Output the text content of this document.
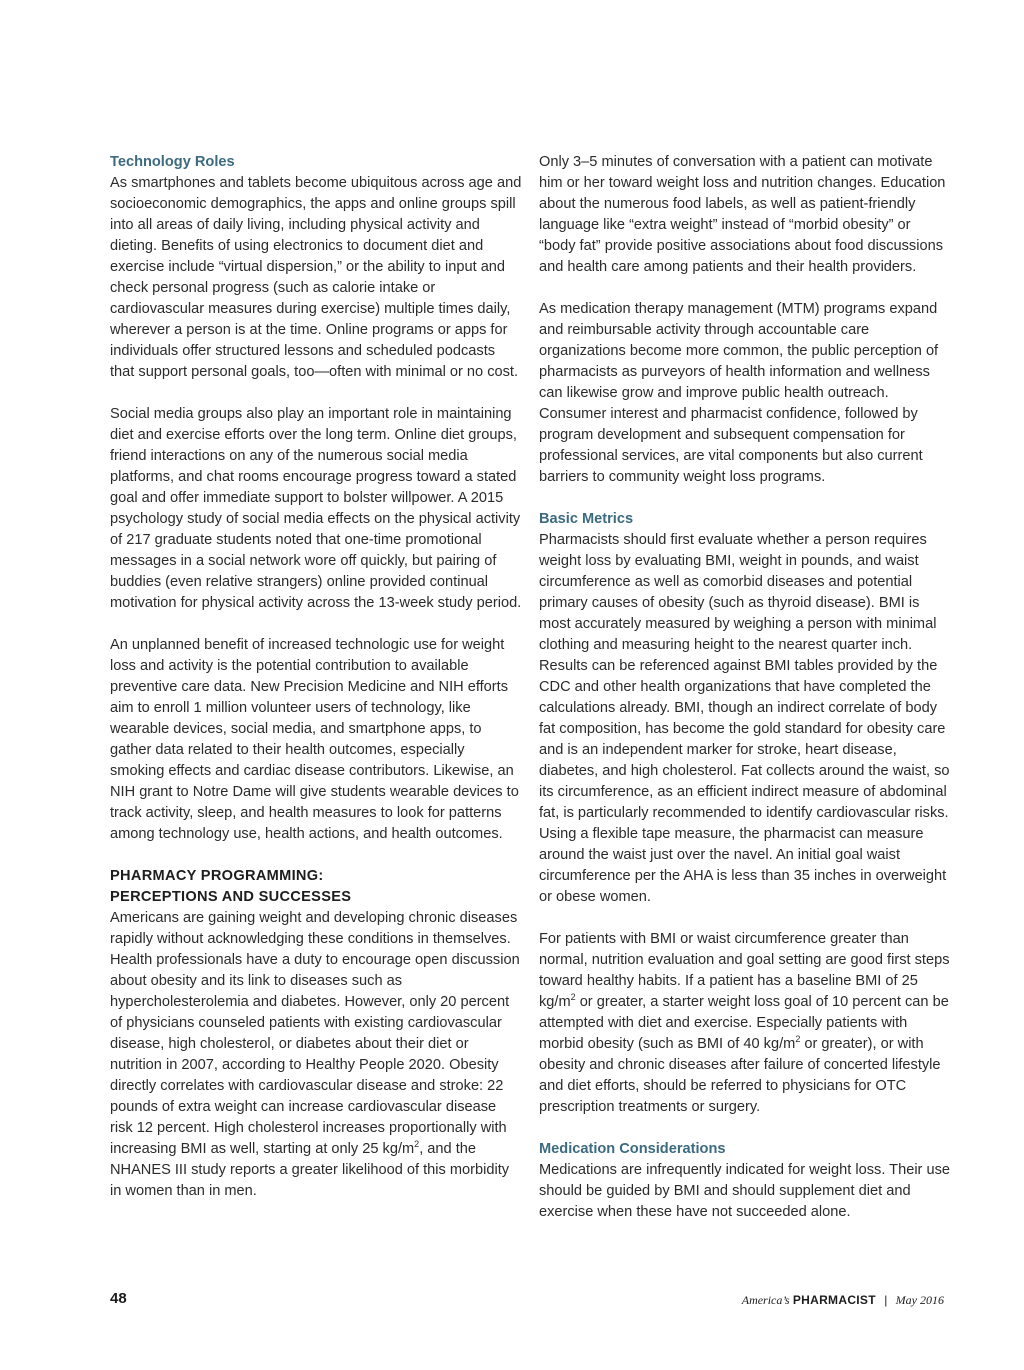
Technology Roles

As smartphones and tablets become ubiquitous across age and socioeconomic demographics, the apps and online groups spill into all areas of daily living, including physical activity and dieting. Benefits of using electronics to document diet and exercise include “virtual dispersion,” or the ability to input and check personal progress (such as calorie intake or cardiovascular measures during exercise) multiple times daily, wherever a person is at the time. Online programs or apps for individuals offer structured lessons and scheduled podcasts that support personal goals, too—often with minimal or no cost.

Social media groups also play an important role in maintaining diet and exercise efforts over the long term. Online diet groups, friend interactions on any of the numerous social media platforms, and chat rooms encourage progress toward a stated goal and offer immediate support to bolster willpower. A 2015 psychology study of social media effects on the physical activity of 217 graduate students noted that one-time promotional messages in a social network wore off quickly, but pairing of buddies (even relative strangers) online provided continual motivation for physical activity across the 13-week study period.

An unplanned benefit of increased technologic use for weight loss and activity is the potential contribution to available preventive care data. New Precision Medicine and NIH efforts aim to enroll 1 million volunteer users of technology, like wearable devices, social media, and smartphone apps, to gather data related to their health outcomes, especially smoking effects and cardiac disease contributors. Likewise, an NIH grant to Notre Dame will give students wearable devices to track activity, sleep, and health measures to look for patterns among technology use, health actions, and health outcomes.

PHARMACY PROGRAMMING:
PERCEPTIONS AND SUCCESSES

Americans are gaining weight and developing chronic diseases rapidly without acknowledging these conditions in themselves. Health professionals have a duty to encourage open discussion about obesity and its link to diseases such as hypercholesterolemia and diabetes. However, only 20 percent of physicians counseled patients with existing cardiovascular disease, high cholesterol, or diabetes about their diet or nutrition in 2007, according to Healthy People 2020. Obesity directly correlates with cardiovascular disease and stroke: 22 pounds of extra weight can increase cardiovascular disease risk 12 percent. High cholesterol increases proportionally with increasing BMI as well, starting at only 25 $kg/m^2$, and the NHANES III study reports a greater likelihood of this morbidity in women than in men.

Only 3–5 minutes of conversation with a patient can motivate him or her toward weight loss and nutrition changes. Education about the numerous food labels, as well as patient-friendly language like “extra weight” instead of “morbid obesity” or “body fat” provide positive associations about food discussions and health care among patients and their health providers.

As medication therapy management (MTM) programs expand and reimbursable activity through accountable care organizations become more common, the public perception of pharmacists as purveyors of health information and wellness can likewise grow and improve public health outreach. Consumer interest and pharmacist confidence, followed by program development and subsequent compensation for professional services, are vital components but also current barriers to community weight loss programs.

Basic Metrics

Pharmacists should first evaluate whether a person requires weight loss by evaluating BMI, weight in pounds, and waist circumference as well as comorbid diseases and potential primary causes of obesity (such as thyroid disease). BMI is most accurately measured by weighing a person with minimal clothing and measuring height to the nearest quarter inch. Results can be referenced against BMI tables provided by the CDC and other health organizations that have completed the calculations already. BMI, though an indirect correlate of body fat composition, has become the gold standard for obesity care and is an independent marker for stroke, heart disease, diabetes, and high cholesterol. Fat collects around the waist, so its circumference, as an efficient indirect measure of abdominal fat, is particularly recommended to identify cardiovascular risks. Using a flexible tape measure, the pharmacist can measure around the waist just over the navel. An initial goal waist circumference per the AHA is less than 35 inches in overweight or obese women.

For patients with BMI or waist circumference greater than normal, nutrition evaluation and goal setting are good first steps toward healthy habits. If a patient has a baseline BMI of 25 $kg/m^2$ or greater, a starter weight loss goal of 10 percent can be attempted with diet and exercise. Especially patients with morbid obesity (such as BMI of 40 $kg/m^2$ or greater), or with obesity and chronic diseases after failure of concerted lifestyle and diet efforts, should be referred to physicians for OTC prescription treatments or surgery.

Medication Considerations

Medications are infrequently indicated for weight loss. Their use should be guided by BMI and should supplement diet and exercise when these have not succeeded alone.

48	America’s PHARMACIST | May 2016
